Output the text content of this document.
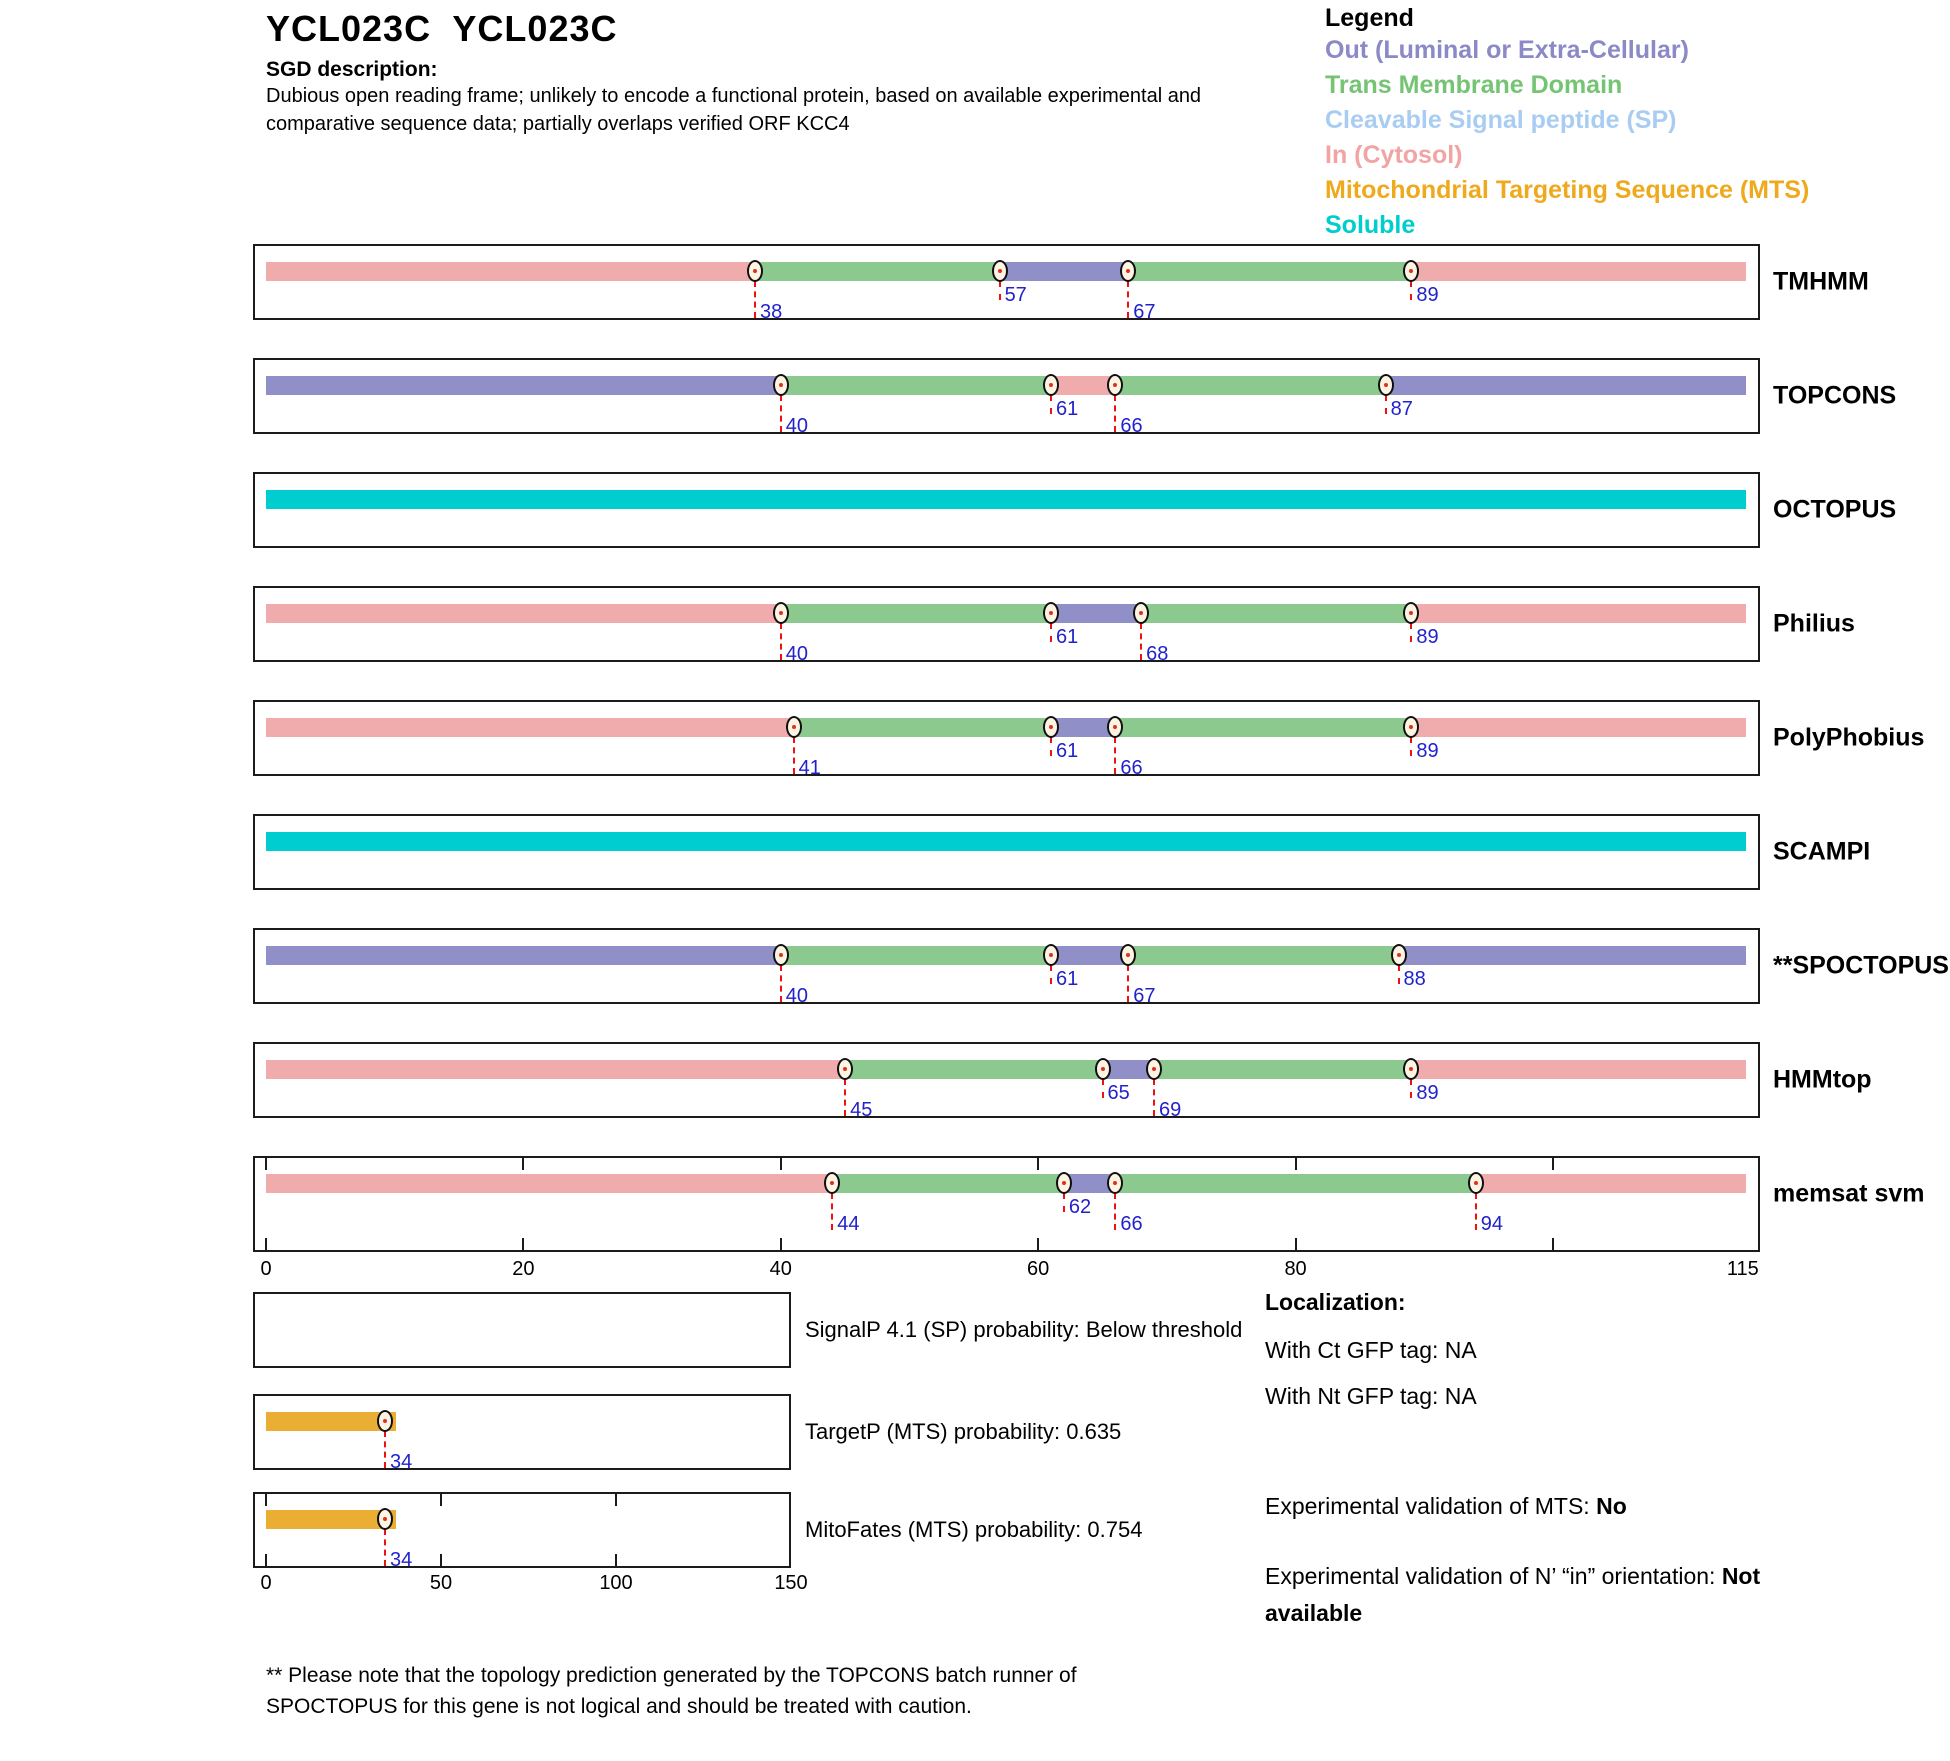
YCL023C  YCL023C
SGD description:
Dubious open reading frame; unlikely to encode a functional protein, based on available experimental and
comparative sequence data; partially overlaps verified ORF KCC4
Legend
Out (Luminal or Extra-Cellular)
Trans Membrane Domain
Cleavable Signal peptide (SP)
In (Cytosol)
Mitochondrial Targeting Sequence (MTS)
Soluble
38
57
67
89	TMHMM
40
61
66
87	TOPCONS
OCTOPUS
40
61
68
89	Philius
41
61
66
89	PolyPhobius
SCAMPI
40
61
67
88	**SPOCTOPUS
45
65
69
89	HMMtop
44
62
66	94
memsat svm
0	20	40	60	80	115
SignalP 4.1 (SP) probability: Below threshold
34
TargetP (MTS) probability: 0.635
34
MitoFates (MTS) probability: 0.754
0	50	100	150
Localization:
With Ct GFP tag: NA
With Nt GFP tag: NA
Experimental validation of MTS: No
Experimental validation of N’ “in” orientation: Not available
** Please note that the topology prediction generated by the TOPCONS batch runner of
SPOCTOPUS for this gene is not logical and should be treated with caution.
